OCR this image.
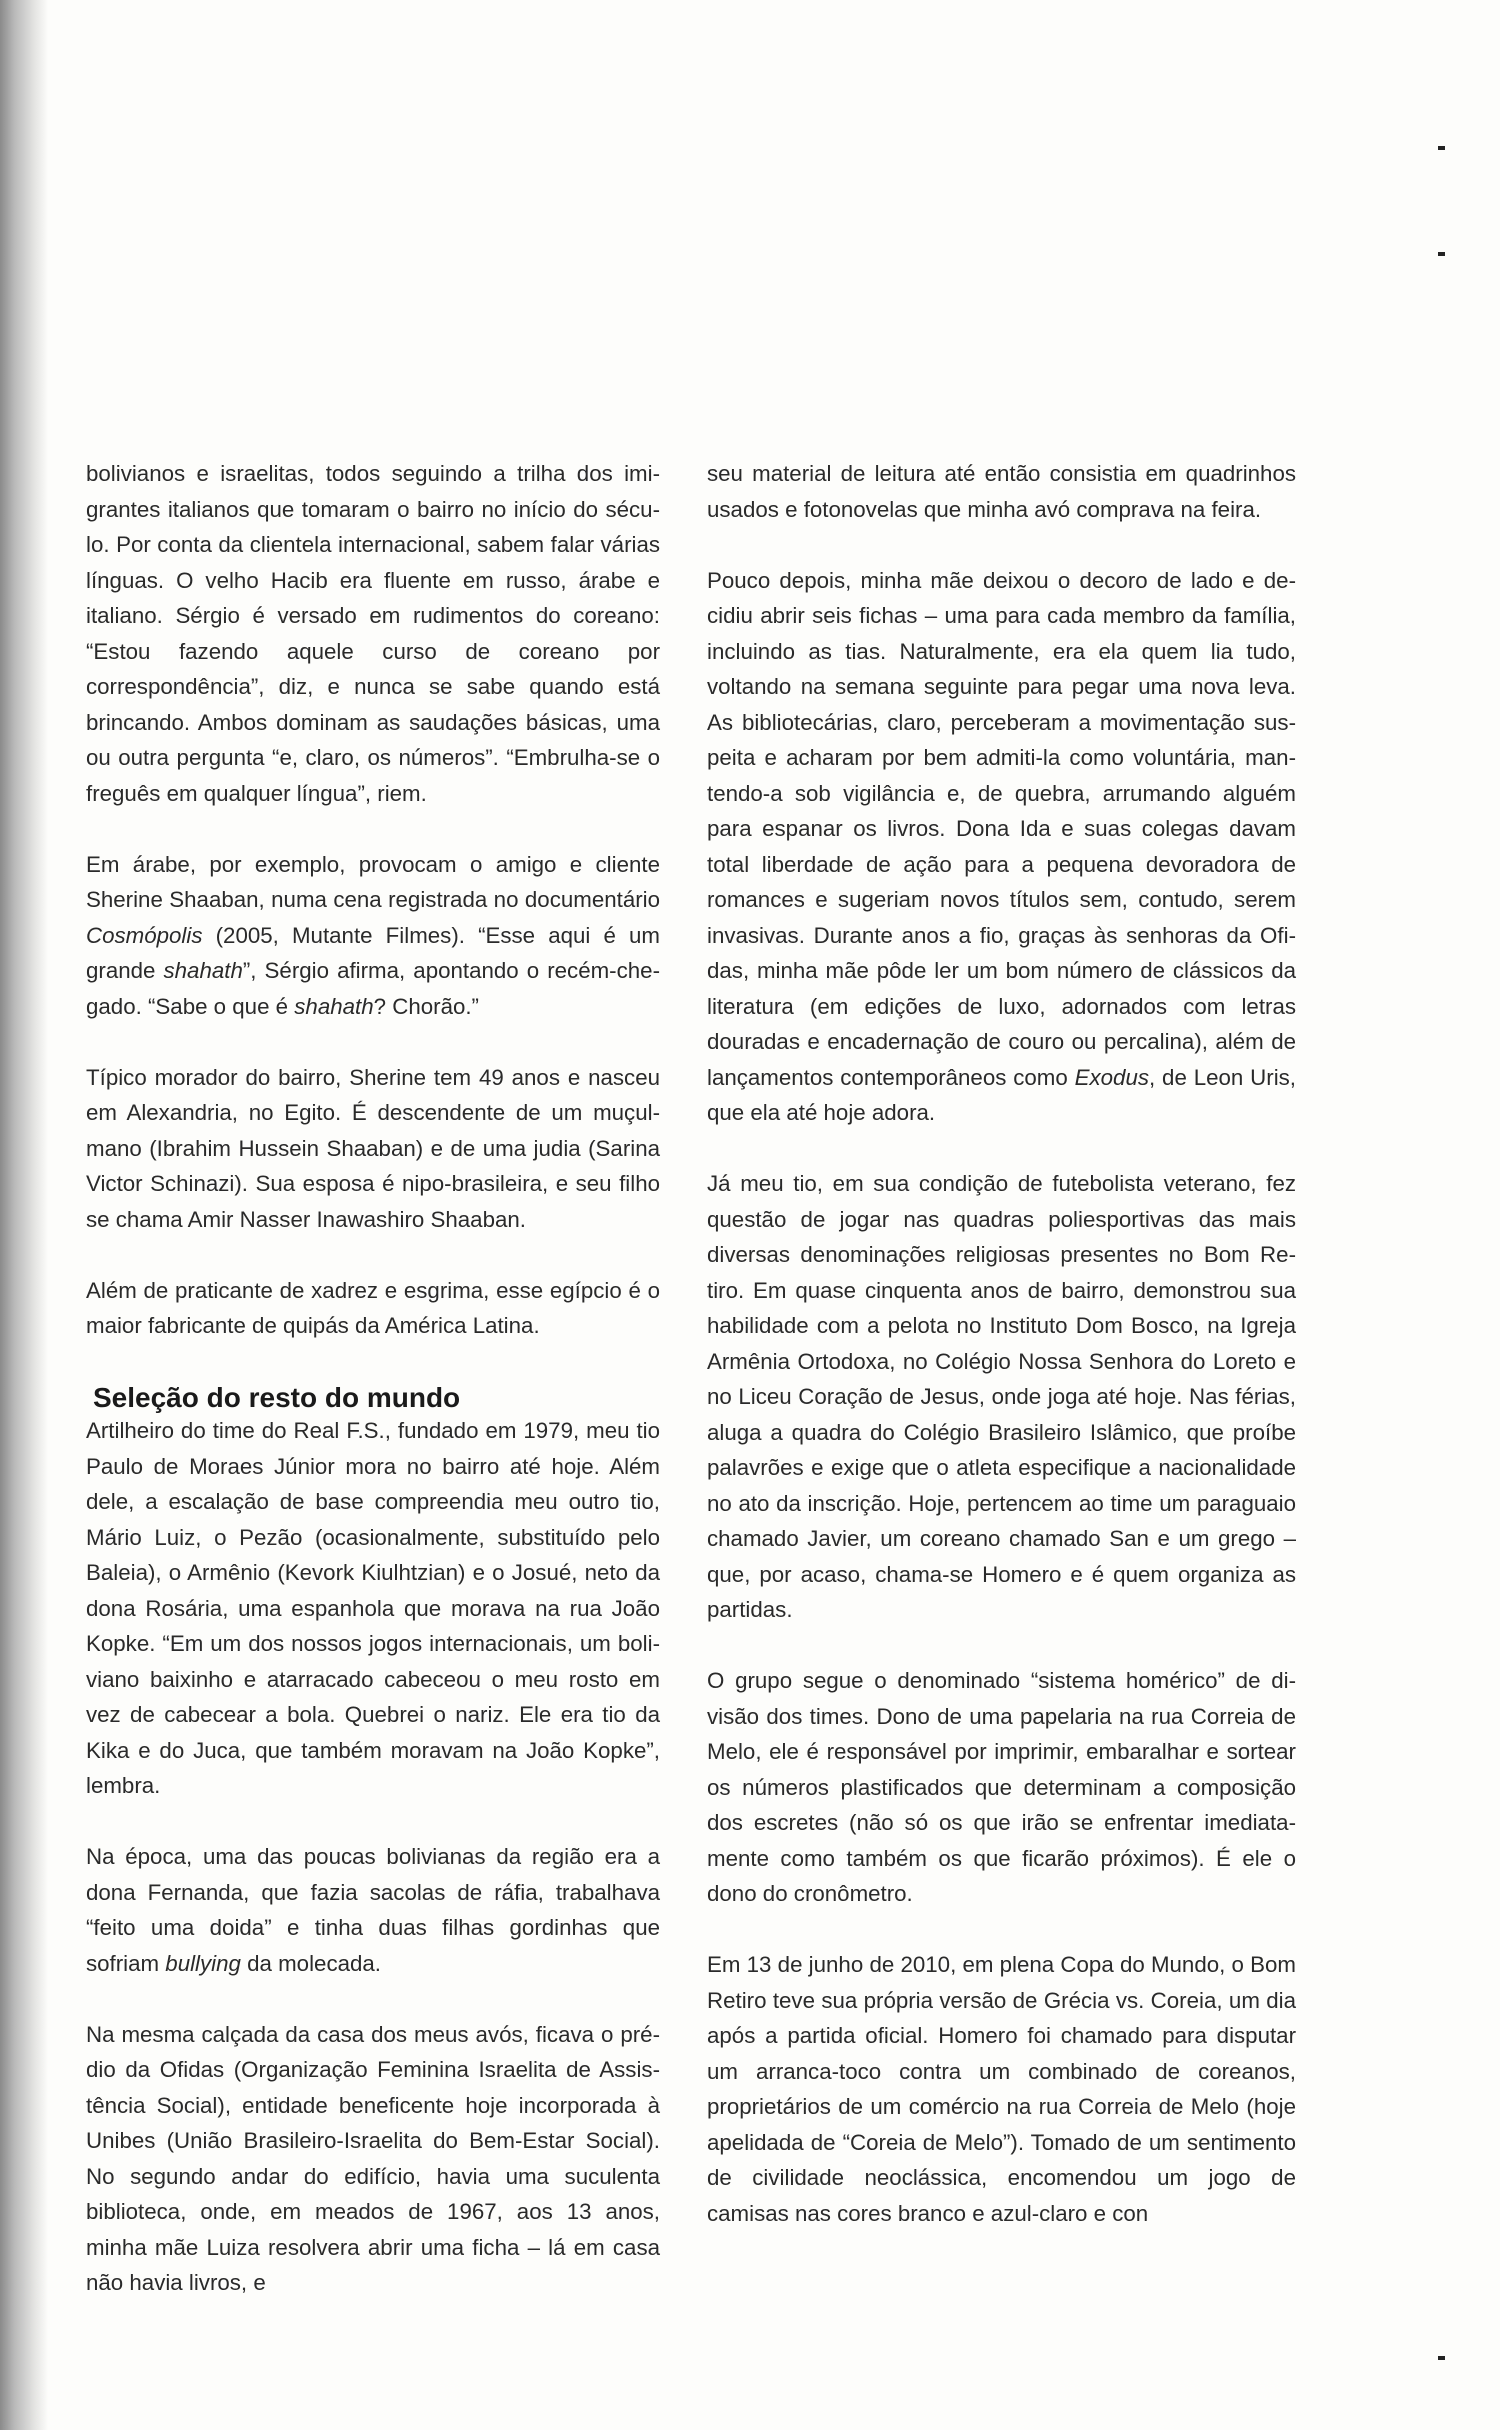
bolivianos e israelitas, todos seguindo a trilha dos imigrantes italianos que tomaram o bairro no início do século. Por conta da clientela internacional, sabem falar várias línguas. O velho Hacib era fluente em russo, árabe e italiano. Sérgio é versado em rudimentos do coreano: “Estou fazendo aquele curso de coreano por correspondência”, diz, e nunca se sabe quando está brincando. Ambos dominam as saudações básicas, uma ou outra pergunta “e, claro, os números”. “Embrulha-se o freguês em qualquer língua”, riem.

Em árabe, por exemplo, provocam o amigo e cliente Sherine Shaaban, numa cena registrada no documentário Cosmópolis (2005, Mutante Filmes). “Esse aqui é um grande shahath”, Sérgio afirma, apontando o recém-chegado. “Sabe o que é shahath? Chorão.”

Típico morador do bairro, Sherine tem 49 anos e nasceu em Alexandria, no Egito. É descendente de um muçulmano (Ibrahim Hussein Shaaban) e de uma judia (Sarina Victor Schinazi). Sua esposa é nipo-brasileira, e seu filho se chama Amir Nasser Inawashiro Shaaban.

Além de praticante de xadrez e esgrima, esse egípcio é o maior fabricante de quipás da América Latina.

Seleção do resto do mundo

Artilheiro do time do Real F.S., fundado em 1979, meu tio Paulo de Moraes Júnior mora no bairro até hoje. Além dele, a escalação de base compreendia meu outro tio, Mário Luiz, o Pezão (ocasionalmente, substituído pelo Baleia), o Armênio (Kevork Kiulhtzian) e o Josué, neto da dona Rosária, uma espanhola que morava na rua João Kopke. “Em um dos nossos jogos internacionais, um boliviano baixinho e atarracado cabeceou o meu rosto em vez de cabecear a bola. Quebrei o nariz. Ele era tio da Kika e do Juca, que também moravam na João Kopke”, lembra.

Na época, uma das poucas bolivianas da região era a dona Fernanda, que fazia sacolas de ráfia, trabalhava “feito uma doida” e tinha duas filhas gordinhas que sofriam bullying da molecada.

Na mesma calçada da casa dos meus avós, ficava o prédio da Ofidas (Organização Feminina Israelita de Assistência Social), entidade beneficente hoje incorporada à Unibes (União Brasileiro-Israelita do Bem-Estar Social). No segundo andar do edifício, havia uma suculenta biblioteca, onde, em meados de 1967, aos 13 anos, minha mãe Luiza resolvera abrir uma ficha – lá em casa não havia livros, e

seu material de leitura até então consistia em quadrinhos usados e fotonovelas que minha avó comprava na feira.

Pouco depois, minha mãe deixou o decoro de lado e decidiu abrir seis fichas – uma para cada membro da família, incluindo as tias. Naturalmente, era ela quem lia tudo, voltando na semana seguinte para pegar uma nova leva. As bibliotecárias, claro, perceberam a movimentação suspeita e acharam por bem admiti-la como voluntária, mantendo-a sob vigilância e, de quebra, arrumando alguém para espanar os livros. Dona Ida e suas colegas davam total liberdade de ação para a pequena devoradora de romances e sugeriam novos títulos sem, contudo, serem invasivas. Durante anos a fio, graças às senhoras da Ofidas, minha mãe pôde ler um bom número de clássicos da literatura (em edições de luxo, adornados com letras douradas e encadernação de couro ou percalina), além de lançamentos contemporâneos como Exodus, de Leon Uris, que ela até hoje adora.

Já meu tio, em sua condição de futebolista veterano, fez questão de jogar nas quadras poliesportivas das mais diversas denominações religiosas presentes no Bom Retiro. Em quase cinquenta anos de bairro, demonstrou sua habilidade com a pelota no Instituto Dom Bosco, na Igreja Armênia Ortodoxa, no Colégio Nossa Senhora do Loreto e no Liceu Coração de Jesus, onde joga até hoje. Nas férias, aluga a quadra do Colégio Brasileiro Islâmico, que proíbe palavrões e exige que o atleta especifique a nacionalidade no ato da inscrição. Hoje, pertencem ao time um paraguaio chamado Javier, um coreano chamado San e um grego – que, por acaso, chama-se Homero e é quem organiza as partidas.

O grupo segue o denominado “sistema homérico” de divisão dos times. Dono de uma papelaria na rua Correia de Melo, ele é responsável por imprimir, embaralhar e sortear os números plastificados que determinam a composição dos escretes (não só os que irão se enfrentar imediatamente como também os que ficarão próximos). É ele o dono do cronômetro.

Em 13 de junho de 2010, em plena Copa do Mundo, o Bom Retiro teve sua própria versão de Grécia vs. Coreia, um dia após a partida oficial. Homero foi chamado para disputar um arranca-toco contra um combinado de coreanos, proprietários de um comércio na rua Correia de Melo (hoje apelidada de “Coreia de Melo”). Tomado de um sentimento de civilidade neoclássica, encomendou um jogo de camisas nas cores branco e azul-claro e con
